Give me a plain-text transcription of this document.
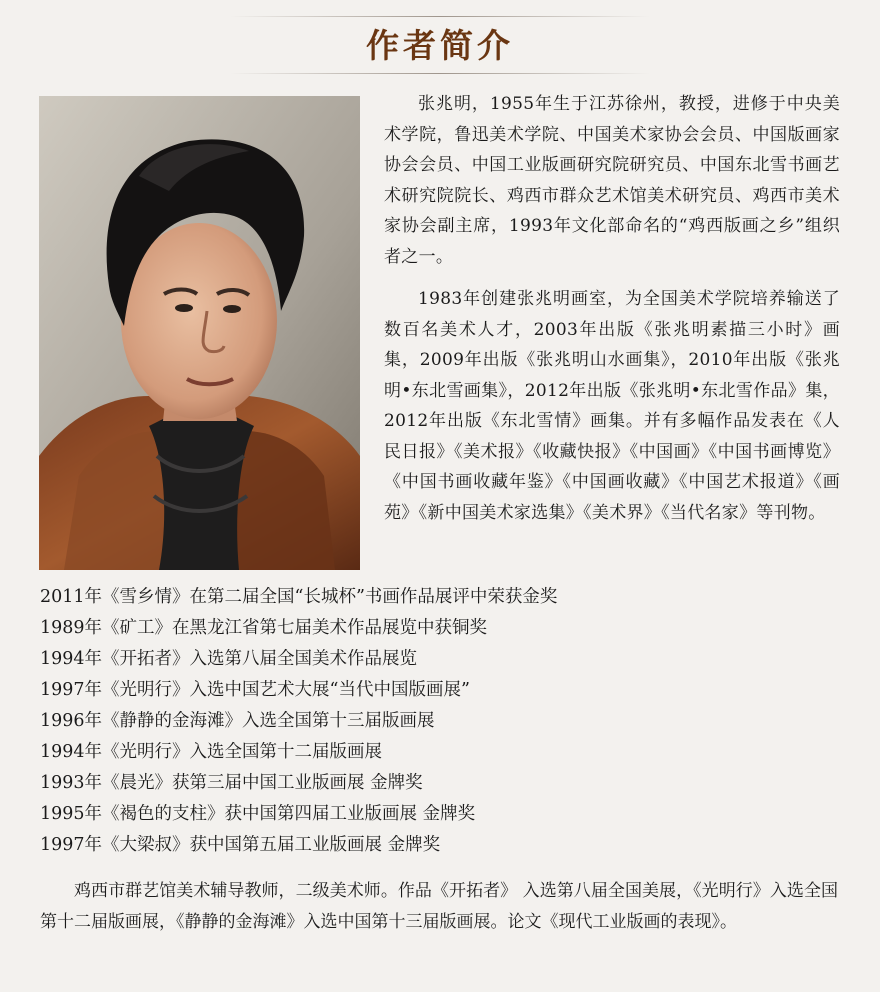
作者简介

张兆明，1955年生于江苏徐州，教授，进修于中央美术学院，鲁迅美术学院、中国美术家协会会员、中国版画家协会会员、中国工业版画研究院研究员、中国东北雪书画艺术研究院院长、鸡西市群众艺术馆美术研究员、鸡西市美术家协会副主席，1993年文化部命名的“鸡西版画之乡”组织者之一。

1983年创建张兆明画室，为全国美术学院培养输送了数百名美术人才，2003年出版《张兆明素描三小时》画集，2009年出版《张兆明山水画集》，2010年出版《张兆明•东北雪画集》，2012年出版《张兆明•东北雪作品》集，2012年出版《东北雪情》画集。并有多幅作品发表在《人民日报》《美术报》《收藏快报》《中国画》《中国书画博览》《中国书画收藏年鉴》《中国画收藏》《中国艺术报道》《画苑》《新中国美术家选集》《美术界》《当代名家》等刊物。

2011年《雪乡情》在第二届全国“长城杯”书画作品展评中荣获金奖
1989年《矿工》在黑龙江省第七届美术作品展览中获铜奖
1994年《开拓者》入选第八届全国美术作品展览
1997年《光明行》入选中国艺术大展“当代中国版画展”
1996年《静静的金海滩》入选全国第十三届版画展
1994年《光明行》入选全国第十二届版画展
1993年《晨光》获第三届中国工业版画展 金牌奖
1995年《褐色的支柱》获中国第四届工业版画展 金牌奖
1997年《大梁叔》获中国第五届工业版画展 金牌奖

鸡西市群艺馆美术辅导教师，二级美术师。作品《开拓者》 入选第八届全国美展，《光明行》入选全国第十二届版画展，《静静的金海滩》入选中国第十三届版画展。论文《现代工业版画的表现》。
